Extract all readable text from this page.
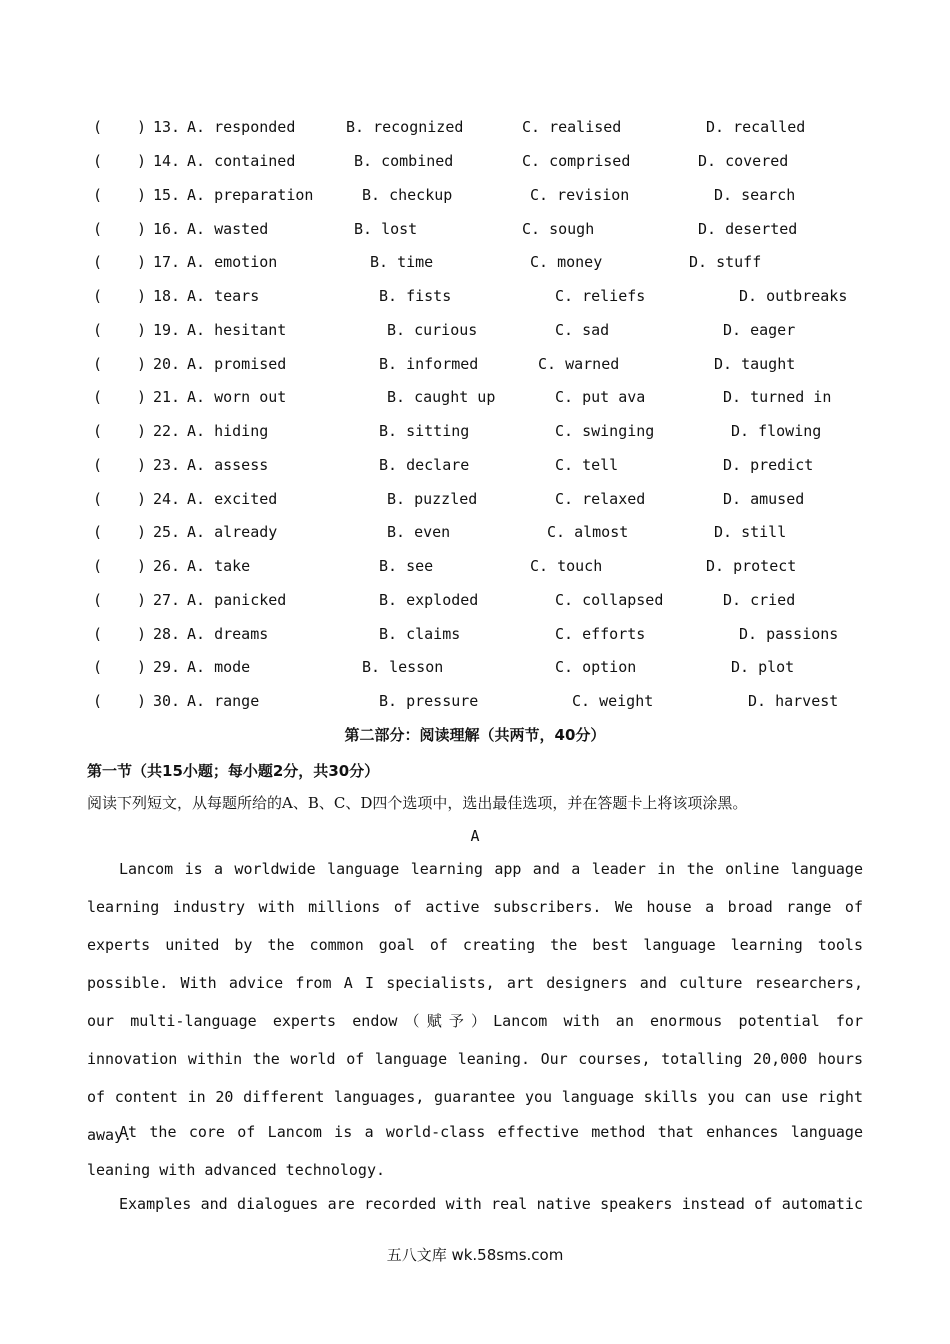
( ) 13. A. responded	B. recognized	C. realised	D. recalled
( ) 14. A. contained	B. combined	C. comprised	D. covered
( ) 15. A. preparation	B. checkup	C. revision	D. search
( ) 16. A. wasted	B. lost	C. sough	D. deserted
( ) 17. A. emotion	B. time	C. money	D. stuff
( ) 18. A. tears	B. fists	C. reliefs	D. outbreaks
( ) 19. A. hesitant	B. curious	C. sad	D. eager
( ) 20. A. promised	B. informed	C. warned	D. taught
( ) 21. A. worn out	B. caught up	C. put ava	D. turned in
( ) 22. A. hiding	B. sitting	C. swinging	D. flowing
( ) 23. A. assess	B. declare	C. tell	D. predict
( ) 24. A. excited	B. puzzled	C. relaxed	D. amused
( ) 25. A. already	B. even	C. almost	D. still
( ) 26. A. take	B. see	C. touch	D. protect
( ) 27. A. panicked	B. exploded	C. collapsed	D. cried
( ) 28. A. dreams	B. claims	C. efforts	D. passions
( ) 29. A. mode	B. lesson	C. option	D. plot
( ) 30. A. range	B. pressure	C. weight	D. harvest
第二部分：阅读理解（共两节，40分）
第一节（共15小题；每小题2分，共30分）
阅读下列短文，从每题所给的A、B、C、D四个选项中，选出最佳选项，并在答题卡上将该项涂黑。
A

Lancom is a worldwide language learning app and a leader in the online language learning industry with millions of active subscribers. We house a broad range of experts united by the common goal of creating the best language learning tools possible. With advice from A I specialists, art designers and culture researchers, our multi-language experts endow（赋予）Lancom with an enormous potential for innovation within the world of language leaning. Our courses, totalling 20,000 hours of content in 20 different languages, guarantee you language skills you can use right away.

At the core of Lancom is a world-class effective method that enhances language leaning with advanced technology.

Examples and dialogues are recorded with real native speakers instead of automatic

五八文库 wk.58sms.com
